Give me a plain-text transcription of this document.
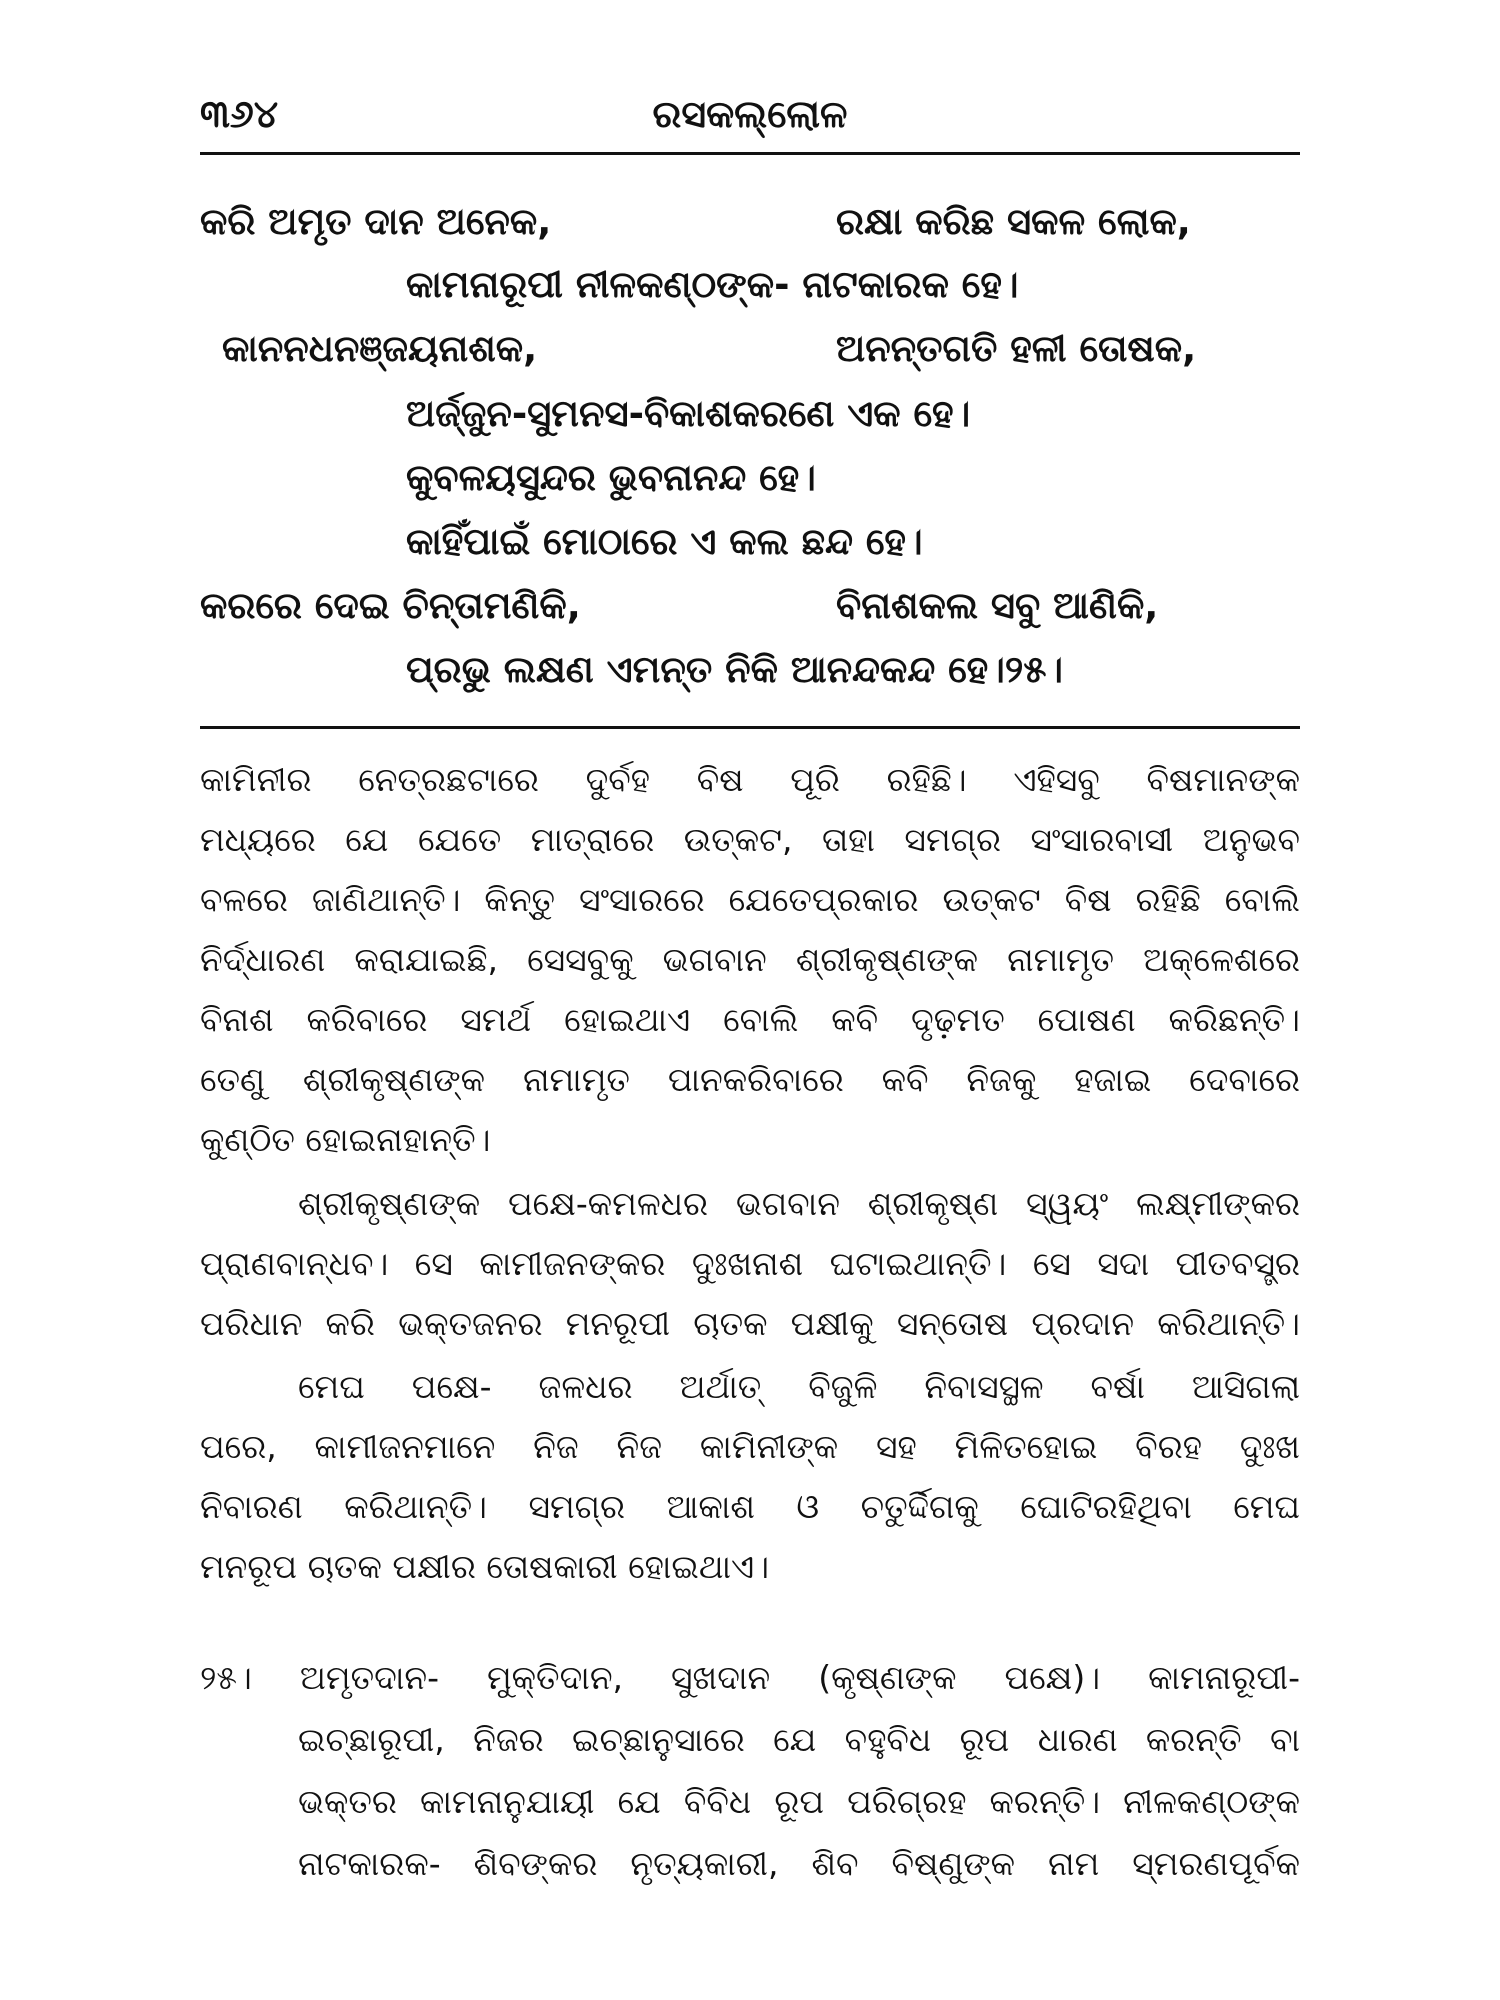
୩୬୪	ରସକଲ୍ଲୋଳ
କରି ଅମୃତ ଦାନ ଅନେକ,	ରକ୍ଷା କରିଛ ସକଳ ଲୋକ,
କାମନାରୂପୀ ନୀଳକଣ୍ଠଙ୍କ- ନାଟକାରକ ହେ।
କାନନଧନଞ୍ଜୟନାଶକ,	ଅନନ୍ତଗତି ହଳୀ ତୋଷକ,
ଅର୍ଜ୍ଜୁନ-ସୁମନସ-ବିକାଶକରଣେ ଏକ ହେ।
କୁବଳୟସୁନ୍ଦର ଭୁବନାନନ୍ଦ ହେ।
କାହିଁପାଇଁ ମୋଠାରେ ଏ କଲ ଛନ୍ଦ ହେ।
କରରେ ଦେଇ ଚିନ୍ତାମଣିକି,	ବିନାଶକଲ ସବୁ ଆଣିକି,
ପ୍ରଭୁ ଲକ୍ଷଣ ଏମନ୍ତ ନିକି ଆନନ୍ଦକନ୍ଦ ହେ।୨୫।
କାମିନୀର ନେତ୍ରଛଟାରେ ଦୁର୍ବହ ବିଷ ପୂରି ରହିଛି। ଏହିସବୁ ବିଷମାନଙ୍କ
ମଧ୍ୟରେ ଯେ ଯେତେ ମାତ୍ରାରେ ଉତ୍କଟ, ତାହା ସମଗ୍ର ସଂସାରବାସୀ ଅନୁଭବ
ବଳରେ ଜାଣିଥାନ୍ତି। କିନ୍ତୁ ସଂସାରରେ ଯେତେପ୍ରକାର ଉତ୍କଟ ବିଷ ରହିଛି ବୋଲି
ନିର୍ଦ୍ଧାରଣ କରାଯାଇଛି, ସେସବୁକୁ ଭଗବାନ ଶ୍ରୀକୃଷ୍ଣଙ୍କ ନାମାମୃତ ଅକ୍ଳେଶରେ
ବିନାଶ କରିବାରେ ସମର୍ଥ ହୋଇଥାଏ ବୋଲି କବି ଦୃଢ଼ମତ ପୋଷଣ କରିଛନ୍ତି।
ତେଣୁ ଶ୍ରୀକୃଷ୍ଣଙ୍କ ନାମାମୃତ ପାନକରିବାରେ କବି ନିଜକୁ ହଜାଇ ଦେବାରେ
କୁଣ୍ଠିତ ହୋଇନାହାନ୍ତି।
ଶ୍ରୀକୃଷ୍ଣଙ୍କ ପକ୍ଷେ-କମଳଧର ଭଗବାନ ଶ୍ରୀକୃଷ୍ଣ ସ୍ୱୟଂ ଲକ୍ଷ୍ମୀଙ୍କର
ପ୍ରାଣବାନ୍ଧବ। ସେ କାମୀଜନଙ୍କର ଦୁଃଖନାଶ ଘଟାଇଥାନ୍ତି। ସେ ସଦା ପୀତବସ୍ତ୍ର
ପରିଧାନ କରି ଭକ୍ତଜନର ମନରୂପୀ ଚାତକ ପକ୍ଷୀକୁ ସନ୍ତୋଷ ପ୍ରଦାନ କରିଥାନ୍ତି।
ମେଘ ପକ୍ଷେ- ଜଳଧର ଅର୍ଥାତ୍ ବିଜୁଳି ନିବାସସ୍ଥଳ ବର୍ଷା ଆସିଗଲା
ପରେ, କାମୀଜନମାନେ ନିଜ ନିଜ କାମିନୀଙ୍କ ସହ ମିଳିତହୋଇ ବିରହ ଦୁଃଖ
ନିବାରଣ କରିଥାନ୍ତି। ସମଗ୍ର ଆକାଶ ଓ ଚତୁର୍ଦ୍ଦିଗକୁ ଘୋଟିରହିଥିବା ମେଘ
ମନରୂପ ଚାତକ ପକ୍ଷୀର ତୋଷକାରୀ ହୋଇଥାଏ।
୨୫। ଅମୃତଦାନ- ମୁକ୍ତିଦାନ, ସୁଖଦାନ (କୃଷ୍ଣଙ୍କ ପକ୍ଷେ)। କାମନାରୂପୀ-
ଇଚ୍ଛାରୂପୀ, ନିଜର ଇଚ୍ଛାନୁସାରେ ଯେ ବହୁବିଧ ରୂପ ଧାରଣ କରନ୍ତି ବା
ଭକ୍ତର କାମନାନୁଯାୟୀ ଯେ ବିବିଧ ରୂପ ପରିଗ୍ରହ କରନ୍ତି। ନୀଳକଣ୍ଠଙ୍କ
ନାଟକାରକ- ଶିବଙ୍କର ନୃତ୍ୟକାରୀ, ଶିବ ବିଷ୍ଣୁଙ୍କ ନାମ ସ୍ମରଣପୂର୍ବକ
